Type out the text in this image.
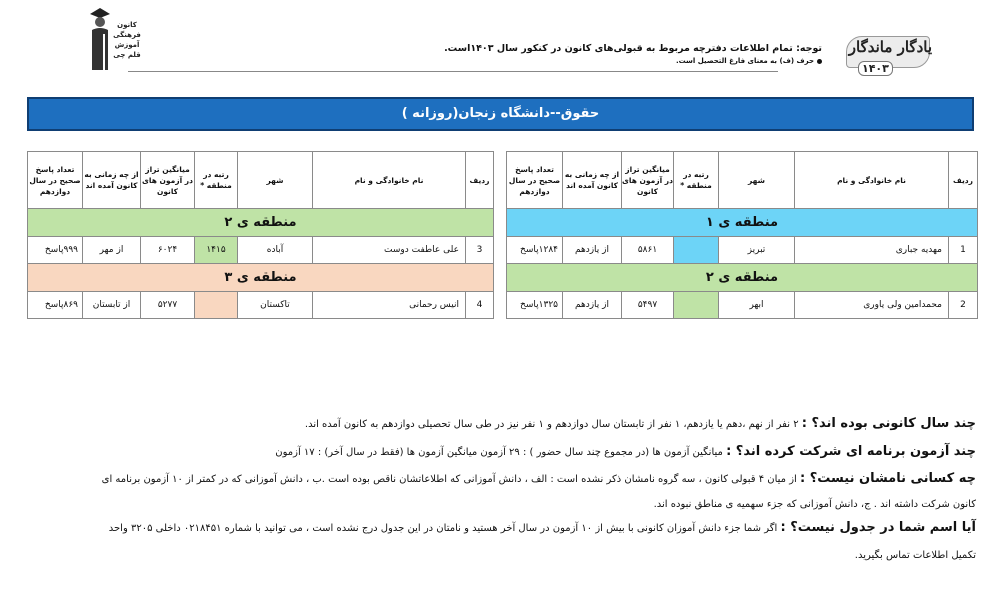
یادگار ماندگار
۱۴۰۳
توجه: تمام اطلاعات دفترچه مربوط به قبولی‌های کانون در کنکور سال ۱۴۰۳است.
حرف (ف) به معنای فارغ التحصیل است.
کانون
فرهنگی
آموزش
قلم چی
حقوق--دانشگاه زنجان(روزانه )
ردیف	نام خانوادگی و نام	شهر	رتبه در منطقه *	میانگین تراز در آزمون های کانون	از چه زمانی به کانون آمده اند	تعداد پاسخ صحیح در سال دوازدهم
منطقه ی ۱						
1	مهدیه جباری	تبریز		۵۸۶۱	از یازدهم	۱۲۸۴پاسخ
منطقه ی ۲						
2	محمدامین ولی یاوری	ابهر		۵۴۹۷	از یازدهم	۱۳۲۵پاسخ
ردیف	نام خانوادگی و نام	شهر	رتبه در منطقه *	میانگین تراز در آزمون های کانون	از چه زمانی به کانون آمده اند	تعداد پاسخ صحیح در سال دوازدهم
منطقه ی ۲						
3	علی عاطفت دوست	آباده	۱۴۱۵	۶۰۲۴	از مهر	۹۹۹پاسخ
منطقه ی ۳						
4	انیس رحمانی	تاکستان		۵۲۷۷	از تابستان	۸۶۹پاسخ
چند سال کانونی بوده اند؟ : ۲ نفر از نهم ،دهم یا یازدهم، ۱ نفر از تابستان سال دوازدهم و ۱ نفر نیز در طی سال تحصیلی دوازدهم به کانون آمده اند.
چند آزمون برنامه ای شرکت کرده اند؟ : میانگین آزمون ها (در مجموع چند سال حضور ) : ۲۹ آزمون میانگین آزمون ها (فقط در سال آخر) : ۱۷ آزمون
چه کسانی نامشان نیست؟ : از میان ۴ قبولی کانون ، سه گروه نامشان ذکر نشده است : الف ، دانش آموزانی که اطلاعاتشان ناقص بوده است .ب ، دانش آموزانی که در کمتر از ۱۰ آزمون برنامه ای
کانون شرکت داشته اند . ج، دانش آموزانی که جزء سهمیه ی مناطق نبوده اند.
آیا اسم شما در جدول نیست؟ : اگر شما جزء دانش آموزان کانونی با بیش از ۱۰ آزمون در سال آخر هستید و نامتان در این جدول درج نشده است ، می توانید با شماره ۰۲۱۸۴۵۱ داخلی ۳۲۰۵ واحد
تکمیل اطلاعات تماس بگیرید.
